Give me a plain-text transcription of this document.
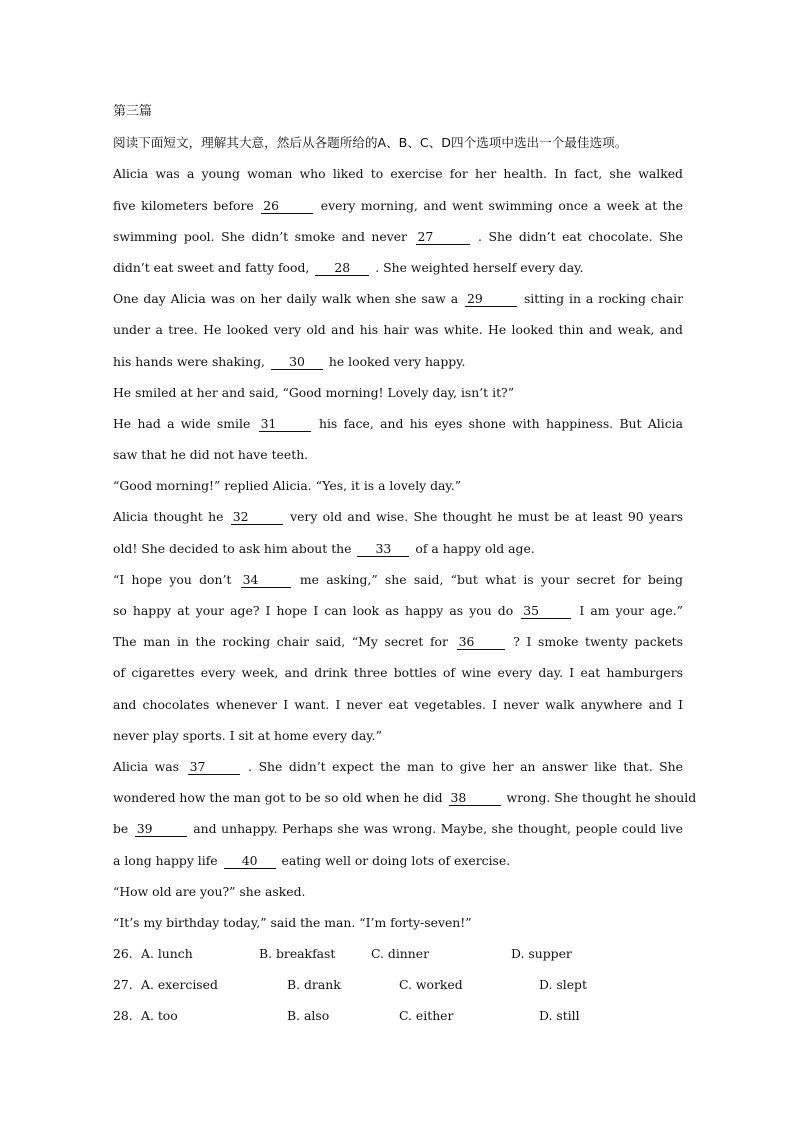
第三篇
阅读下面短文，理解其大意，然后从各题所给的A、B、C、D四个选项中选出一个最佳选项。
Alicia was a young woman who liked to exercise for her health. In fact, she walked
five kilometers before 26	every morning, and went swimming once a week at the
swimming pool. She didn’t smoke and never 27	. She didn’t eat chocolate. She
didn’t eat sweet and fatty food, 28 . She weighted herself every day.
One day Alicia was on her daily walk when she saw a 29	sitting in a rocking chair
under a tree. He looked very old and his hair was white. He looked thin and weak, and
his hands were shaking, 30 he looked very happy.
He smiled at her and said, “Good morning! Lovely day, isn’t it?”
He had a wide smile 31	his face, and his eyes shone with happiness. But Alicia
saw that he did not have teeth.
“Good morning!” replied Alicia. “Yes, it is a lovely day.”
Alicia thought he 32	very old and wise. She thought he must be at least 90 years
old! She decided to ask him about the 33 of a happy old age.
“I hope you don’t 34	me asking,” she said, “but what is your secret for being
so happy at your age? I hope I can look as happy as you do 35	I am your age.”
The man in the rocking chair said, “My secret for 36	? I smoke twenty packets
of cigarettes every week, and drink three bottles of wine every day. I eat hamburgers
and chocolates whenever I want. I never eat vegetables. I never walk anywhere and I
never play sports. I sit at home every day.”
Alicia was 37	. She didn’t expect the man to give her an answer like that. She
wondered how the man got to be so old when he did 38	wrong. She thought he should
be 39	and unhappy. Perhaps she was wrong. Maybe, she thought, people could live
a long happy life 40 eating well or doing lots of exercise.
“How old are you?” she asked.
“It’s my birthday today,” said the man. “I’m forty-seven!”
26. A. lunch	B. breakfast	C. dinner	D. supper
27. A. exercised	B. drank	C. worked	D. slept
28. A. too	B. also	C. either	D. still
